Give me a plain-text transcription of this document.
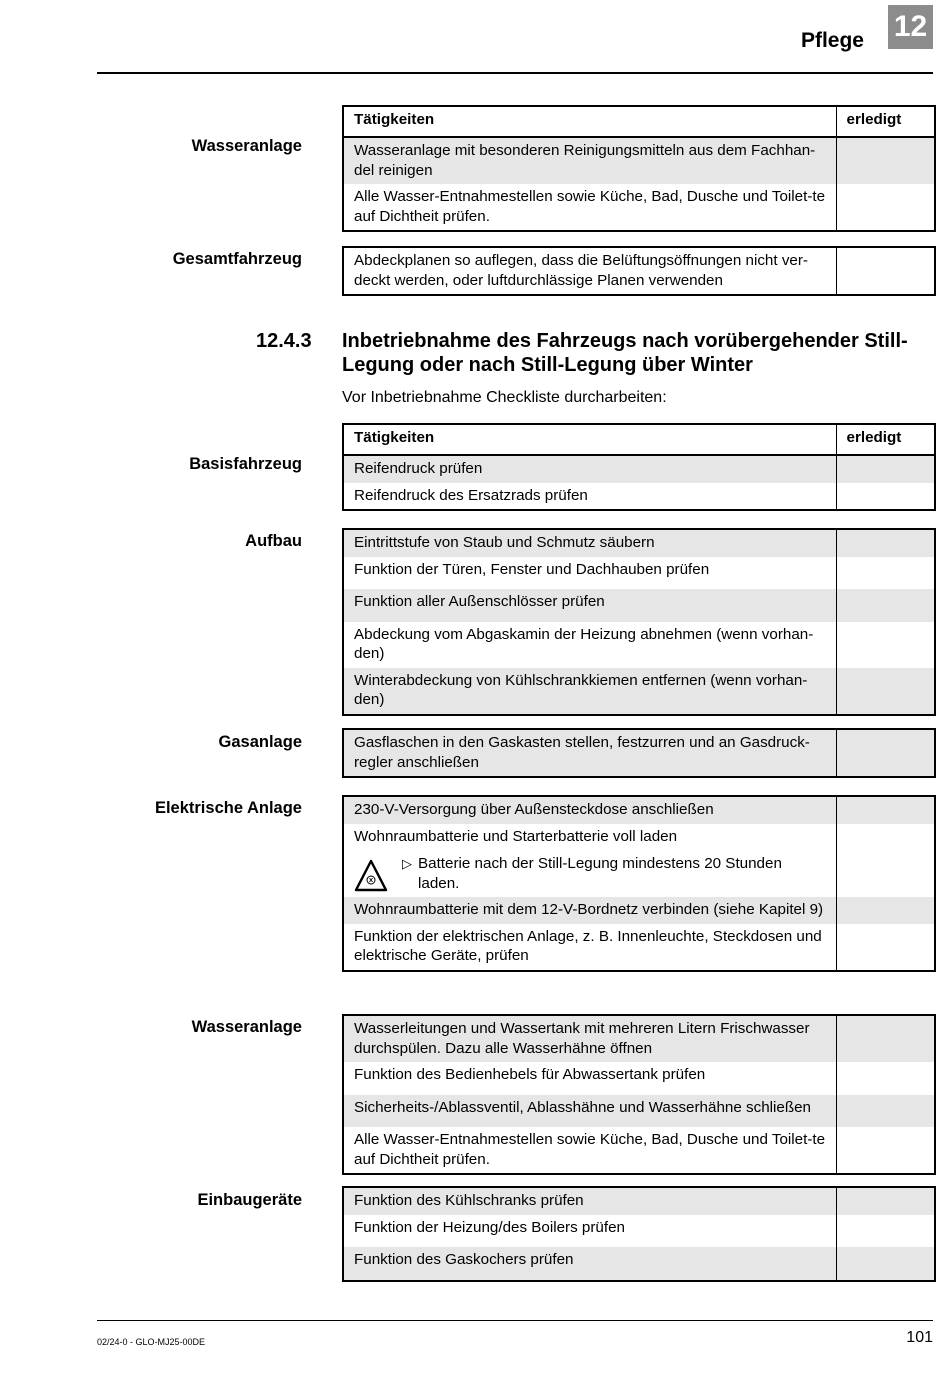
Pflege 12
Wasseranlage
Tätigkeiten	erledigt
Wasseranlage mit besonderen Reinigungsmitteln aus dem Fachhan-del reinigen	
Alle Wasser-Entnahmestellen sowie Küche, Bad, Dusche und Toilet-te auf Dichtheit prüfen.	
Gesamtfahrzeug	Abdeckplanen so auflegen, dass die Belüftungsöffnungen nicht ver-deckt werden, oder luftdurchlässige Planen verwenden	
12.4.3 Inbetriebnahme des Fahrzeugs nach vorübergehender Still-Legung oder nach Still-Legung über Winter
Vor Inbetriebnahme Checkliste durcharbeiten:
Basisfahrzeug
Tätigkeiten	erledigt
Reifendruck prüfen	
Reifendruck des Ersatzrads prüfen	
Aufbau	Eintrittstufe von Staub und Schmutz säubern	
Funktion der Türen, Fenster und Dachhauben prüfen	
Funktion aller Außenschlösser prüfen	
Abdeckung vom Abgaskamin der Heizung abnehmen (wenn vorhan-den)	
Winterabdeckung von Kühlschrankkiemen entfernen (wenn vorhan-den)	
Gasanlage	Gasflaschen in den Gaskasten stellen, festzurren und an Gasdruck-regler anschließen	
Elektrische Anlage	230-V-Versorgung über Außensteckdose anschließen	

Wohnraumbatterie und Starterbatterie voll laden
▷ Batterie nach der Still-Legung mindestens 20 Stunden laden.	

Wohnraumbatterie mit dem 12-V-Bordnetz verbinden (siehe Kapitel 9)	
Funktion der elektrischen Anlage, z. B. Innenleuchte, Steckdosen und elektrische Geräte, prüfen	
Wasseranlage	Wasserleitungen und Wassertank mit mehreren Litern Frischwasser durchspülen. Dazu alle Wasserhähne öffnen	
Funktion des Bedienhebels für Abwassertank prüfen	
Sicherheits-/Ablassventil, Ablasshähne und Wasserhähne schließen	
Alle Wasser-Entnahmestellen sowie Küche, Bad, Dusche und Toilet-te auf Dichtheit prüfen.	
Einbaugeräte	Funktion des Kühlschranks prüfen	
Funktion der Heizung/des Boilers prüfen	
Funktion des Gaskochers prüfen	
02/24-0 - GLO-MJ25-00DE	101
